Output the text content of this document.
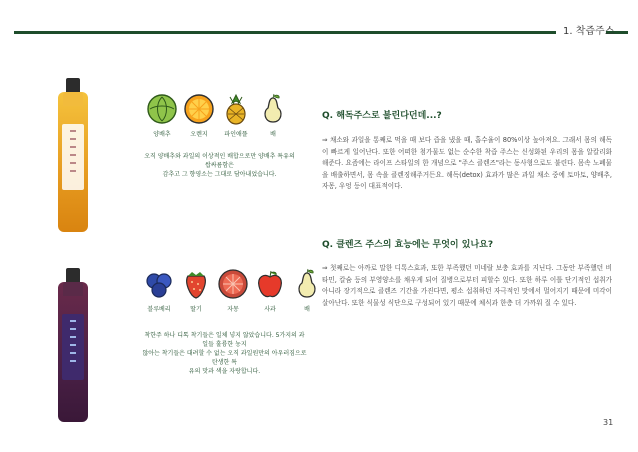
1. 착즙주스
양배추	오렌지	파인애플	배
오직 양배추와 과일의 이상적인 배합으로만 양배추 특유의 쌉싸름함은
감추고 그 향영소는 그대로 담아내었습니다.
블루베리	딸기	자몽	사과	배
착한주 하나 디톡 착기들은 일체 넣지 않았습니다. 5가지의 과일들 훌륭한 농지
않아는 착기들은 대려할 수 없는 오직 과일원만의 아우러짐으로 탄생한 특
유의 맛과 색을 자랑합니다.
Q. 해독주스로 불린다던데...?
⇒ 채소와 과일을 통째로 먹을 때 보다 즙을 냈을 때, 흡수율이 80%이상 높아져요. 그래서 몸의 해독이 빠르게 일어난다. 또한 어떠한 첨가물도 없는 순수한 착즙 주스는 신성화된 우리의 몸을 알칼리화 해준다. 요즘에는 라이프 스타일의 한 개념으로 "주스 클렌즈"라는 동사형으로도 불린다. 몸속 노폐물을 배출하면서, 몸 속을 클렌징해주거든요. 해독(detox) 효과가 많은 과일 채소 중에 토마토, 양배추, 자몽, 우엉 등이 대표적이다.
Q. 클렌즈 주스의 효능에는 무엇이 있나요?
⇒ 첫째로는 아까로 말한 디톡스효과, 또한 부족했던 미네랄 보충 효과를 지닌다. 그동안 부족했던 비타민, 칼슘 등의 부영양소를 채우게 되어 질병으로부터 피할수 있다. 또한 하루 이틀 단기적인 섭취가 아니라 장기적으로 클렌즈 기간을 가진다면, 평소 섭취하던 자극적인 맛에서 멀어지기 때문에 미각이 살아난다. 또한 식물성 식단으로 구성되어 있기 때문에 체식과 한층 더 가까워 질 수 있다.
31
